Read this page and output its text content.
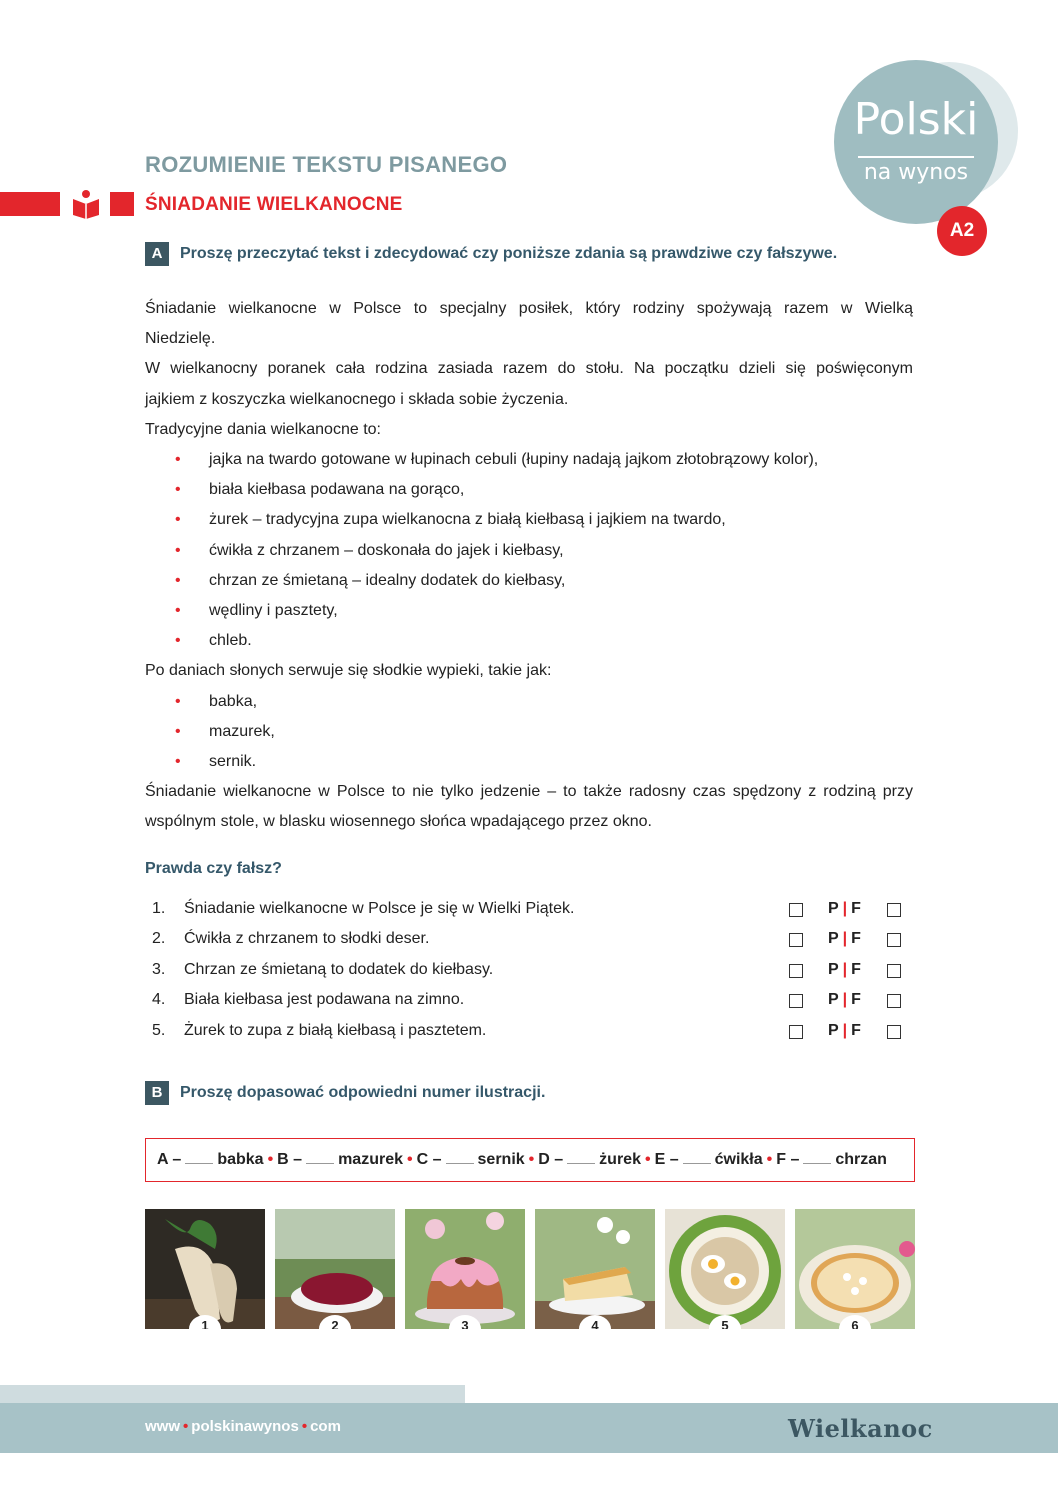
Polski
na wynos
A2
ROZUMIENIE TEKSTU PISANEGO
ŚNIADANIE WIELKANOCNE
A	Proszę przeczytać tekst i zdecydować czy poniższe zdania są prawdziwe czy fałszywe.

Śniadanie wielkanocne w Polsce to specjalny posiłek, który rodziny spożywają razem w Wielką

Niedzielę.

W wielkanocny poranek cała rodzina zasiada razem do stołu. Na początku dzieli się poświęconym

jajkiem z koszyczka wielkanocnego i składa sobie życzenia.

Tradycyjne dania wielkanocne to:

• jajka na twardo gotowane w łupinach cebuli (łupiny nadają jajkom złotobrązowy kolor),
• biała kiełbasa podawana na gorąco,
• żurek – tradycyjna zupa wielkanocna z białą kiełbasą i jajkiem na twardo,
• ćwikła z chrzanem – doskonała do jajek i kiełbasy,
• chrzan ze śmietaną – idealny dodatek do kiełbasy,
• wędliny i pasztety,
• chleb.

Po daniach słonych serwuje się słodkie wypieki, takie jak:

• babka,
• mazurek,
• sernik.

Śniadanie wielkanocne w Polsce to nie tylko jedzenie – to także radosny czas spędzony z rodziną przy

wspólnym stole, w blasku wiosennego słońca wpadającego przez okno.

Prawda czy fałsz?
1. Śniadanie wielkanocne w Polsce je się w Wielki Piątek.	P | F
2. Ćwikła z chrzanem to słodki deser.	P | F
3. Chrzan ze śmietaną to dodatek do kiełbasy.	P | F
4. Biała kiełbasa jest podawana na zimno.	P | F
5. Żurek to zupa z białą kiełbasą i pasztetem.	P | F
B	Proszę dopasować odpowiedni numer ilustracji.
A – babka • B – mazurek • C – sernik • D – żurek • E – ćwikła • F – chrzan
1	2	3	4	5	6
www • polskinawynos • com	Wielkanoc
